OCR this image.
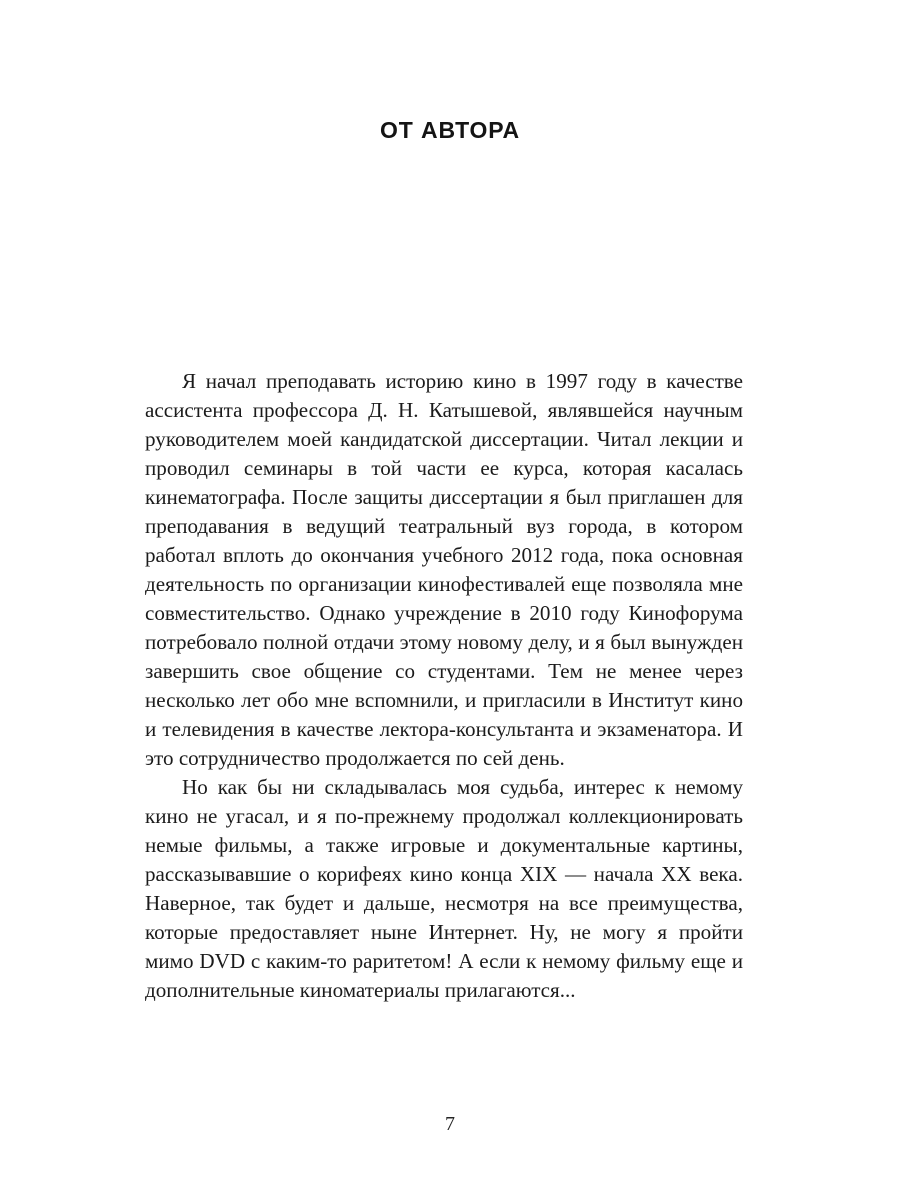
ОТ АВТОРА

Я начал преподавать историю кино в 1997 году в качестве ассистента профессора Д. Н. Катышевой, являвшейся научным руководителем моей кандидатской диссертации. Читал лекции и проводил семинары в той части ее курса, которая касалась кинематографа. После защиты диссертации я был приглашен для преподавания в ведущий театральный вуз города, в котором работал вплоть до окончания учебного 2012 года, пока основная деятельность по организации кинофестивалей еще позволяла мне совместительство. Однако учреждение в 2010 году Кинофорума потребовало полной отдачи этому новому делу, и я был вынужден завершить свое общение со студентами. Тем не менее через несколько лет обо мне вспомнили, и пригласили в Институт кино и телевидения в качестве лектора-консультанта и экзаменатора. И это сотрудничество продолжается по сей день.

Но как бы ни складывалась моя судьба, интерес к немому кино не угасал, и я по-прежнему продолжал коллекционировать немые фильмы, а также игровые и документальные картины, рассказывавшие о корифеях кино конца XIX — начала XX века. Наверное, так будет и дальше, несмотря на все преимущества, которые предоставляет ныне Интернет. Ну, не могу я пройти мимо DVD с каким-то раритетом! А если к немому фильму еще и дополнительные киноматериалы прилагаются...

7
